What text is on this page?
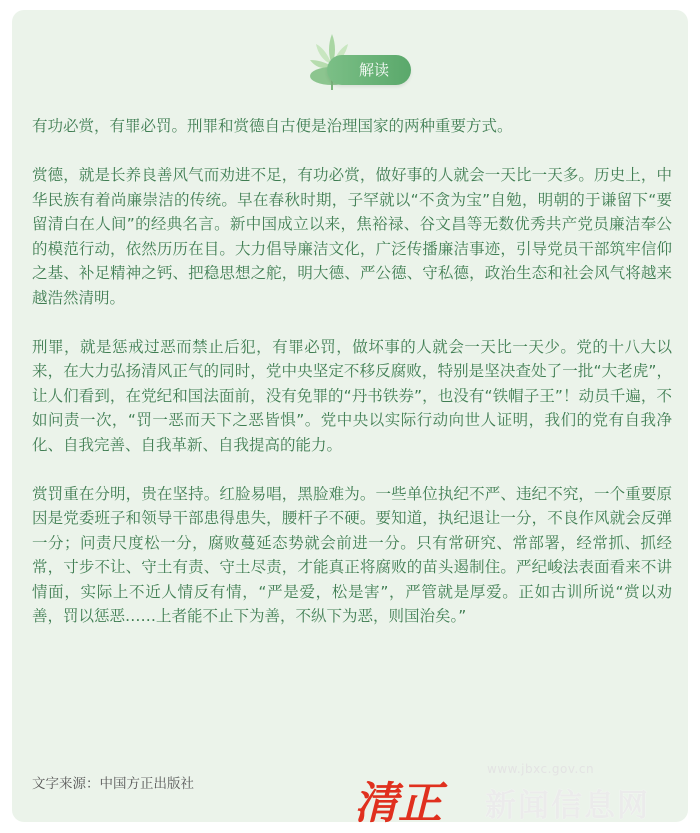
解读

有功必赏，有罪必罚。刑罪和赏德自古便是治理国家的两种重要方式。

赏德，就是长养良善风气而劝进不足，有功必赏，做好事的人就会一天比一天多。历史上，中华民族有着尚廉崇洁的传统。早在春秋时期，子罕就以“不贪为宝”自勉，明朝的于谦留下“要留清白在人间”的经典名言。新中国成立以来，焦裕禄、谷文昌等无数优秀共产党员廉洁奉公的模范行动，依然历历在目。大力倡导廉洁文化，广泛传播廉洁事迹，引导党员干部筑牢信仰之基、补足精神之钙、把稳思想之舵，明大德、严公德、守私德，政治生态和社会风气将越来越浩然清明。

刑罪，就是惩戒过恶而禁止后犯，有罪必罚，做坏事的人就会一天比一天少。党的十八大以来，在大力弘扬清风正气的同时，党中央坚定不移反腐败，特别是坚决查处了一批“大老虎”，让人们看到，在党纪和国法面前，没有免罪的“丹书铁券”，也没有“铁帽子王”！动员千遍，不如问责一次，“罚一恶而天下之恶皆惧”。党中央以实际行动向世人证明，我们的党有自我净化、自我完善、自我革新、自我提高的能力。

赏罚重在分明，贵在坚持。红脸易唱，黑脸难为。一些单位执纪不严、违纪不究，一个重要原因是党委班子和领导干部患得患失，腰杆子不硬。要知道，执纪退让一分，不良作风就会反弹一分；问责尺度松一分，腐败蔓延态势就会前进一分。只有常研究、常部署，经常抓、抓经常，寸步不让、守土有责、守土尽责，才能真正将腐败的苗头遏制住。严纪峻法表面看来不讲情面，实际上不近人情反有情，“严是爱，松是害”，严管就是厚爱。正如古训所说“赏以劝善，罚以惩恶……上者能不止下为善，不纵下为恶，则国治矣。”

文字来源：中国方正出版社	清正
www.jbxc.gov.cn
新闻信息网
